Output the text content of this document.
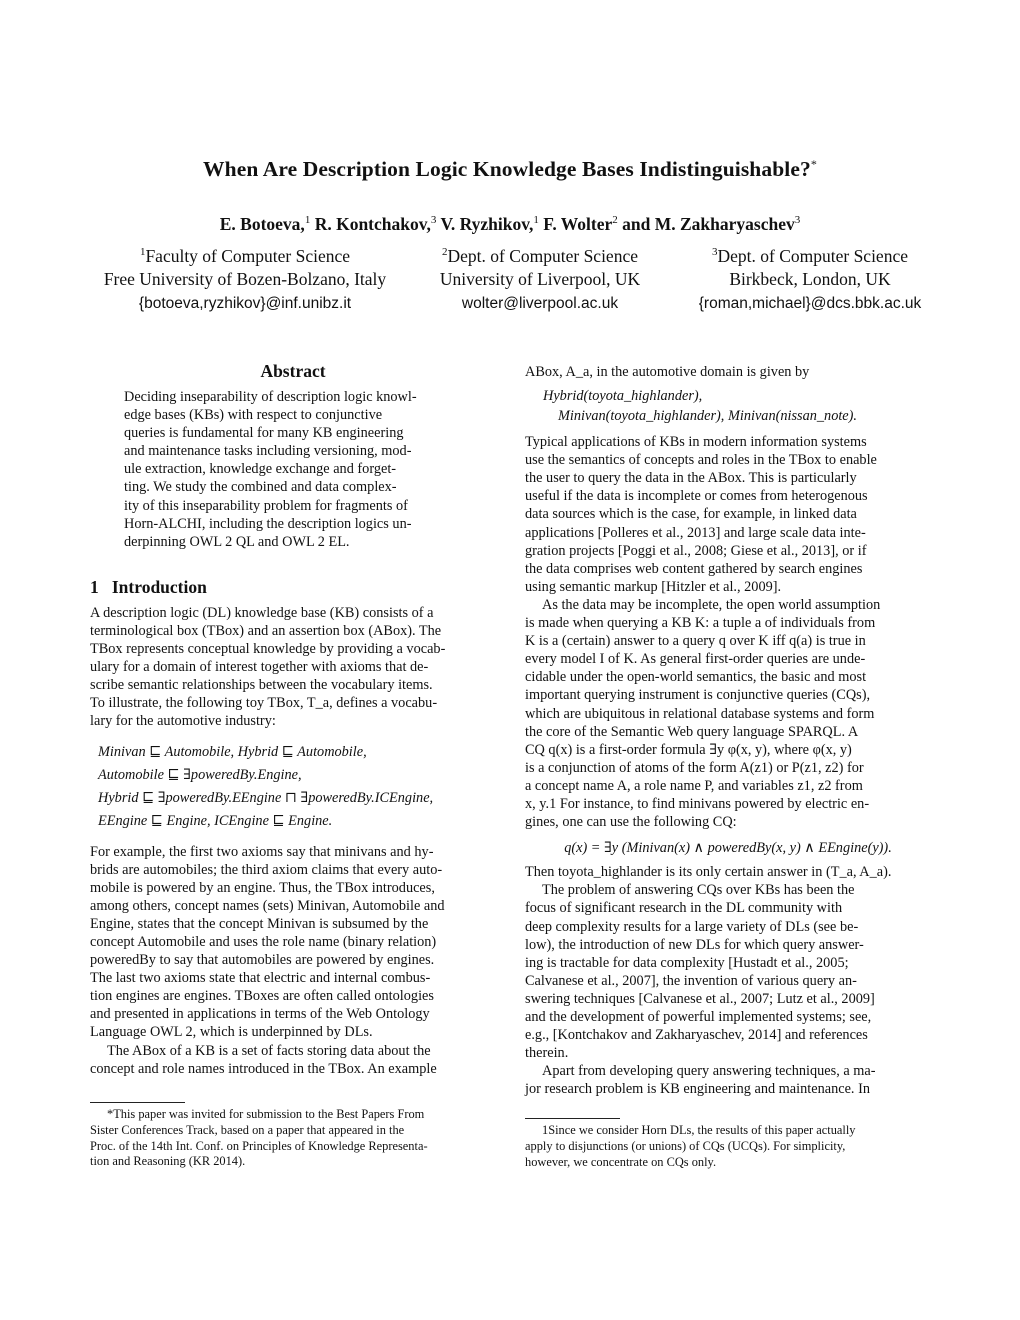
When Are Description Logic Knowledge Bases Indistinguishable?*
E. Botoeva,$^1$ R. Kontchakov,$^3$ V. Ryzhikov,$^1$ F. Wolter$^2$ and M. Zakharyaschev$^3$
$^1$Faculty of Computer Science
Free University of Bozen-Bolzano, Italy
{botoeva,ryzhikov}@inf.unibz.it
$^2$Dept. of Computer Science
University of Liverpool, UK
wolter@liverpool.ac.uk
$^3$Dept. of Computer Science
Birkbeck, London, UK
{roman,michael}@dcs.bbk.ac.uk
Abstract

Deciding inseparability of description logic knowl-

edge bases (KBs) with respect to conjunctive

queries is fundamental for many KB engineering

and maintenance tasks including versioning, mod-

ule extraction, knowledge exchange and forget-

ting. We study the combined and data complex-

ity of this inseparability problem for fragments of

Horn-ALCHI, including the description logics un-

derpinning OWL 2 QL and OWL 2 EL.

1 Introduction

A description logic (DL) knowledge base (KB) consists of a

terminological box (TBox) and an assertion box (ABox). The

TBox represents conceptual knowledge by providing a vocab-

ulary for a domain of interest together with axioms that de-

scribe semantic relationships between the vocabulary items.

To illustrate, the following toy TBox, T_a, defines a vocabu-

lary for the automotive industry:

Minivan ⊑ Automobile, Hybrid ⊑ Automobile,
Automobile ⊑ ∃poweredBy.Engine,
Hybrid ⊑ ∃poweredBy.EEngine ⊓ ∃poweredBy.ICEngine,
EEngine ⊑ Engine, ICEngine ⊑ Engine.

For example, the first two axioms say that minivans and hy-

brids are automobiles; the third axiom claims that every auto-

mobile is powered by an engine. Thus, the TBox introduces,

among others, concept names (sets) Minivan, Automobile and

Engine, states that the concept Minivan is subsumed by the

concept Automobile and uses the role name (binary relation)

poweredBy to say that automobiles are powered by engines.

The last two axioms state that electric and internal combus-

tion engines are engines. TBoxes are often called ontologies

and presented in applications in terms of the Web Ontology

Language OWL 2, which is underpinned by DLs.

The ABox of a KB is a set of facts storing data about the

concept and role names introduced in the TBox. An example

*This paper was invited for submission to the Best Papers From

Sister Conferences Track, based on a paper that appeared in the

Proc. of the 14th Int. Conf. on Principles of Knowledge Representa-

tion and Reasoning (KR 2014).

ABox, A_a, in the automotive domain is given by

Hybrid(toyota_highlander),
Minivan(toyota_highlander), Minivan(nissan_note).

Typical applications of KBs in modern information systems

use the semantics of concepts and roles in the TBox to enable

the user to query the data in the ABox. This is particularly

useful if the data is incomplete or comes from heterogenous

data sources which is the case, for example, in linked data

applications [Polleres et al., 2013] and large scale data inte-

gration projects [Poggi et al., 2008; Giese et al., 2013], or if

the data comprises web content gathered by search engines

using semantic markup [Hitzler et al., 2009].

As the data may be incomplete, the open world assumption

is made when querying a KB K: a tuple a of individuals from

K is a (certain) answer to a query q over K iff q(a) is true in

every model I of K. As general first-order queries are unde-

cidable under the open-world semantics, the basic and most

important querying instrument is conjunctive queries (CQs),

which are ubiquitous in relational database systems and form

the core of the Semantic Web query language SPARQL. A

CQ q(x) is a first-order formula ∃y φ(x, y), where φ(x, y)

is a conjunction of atoms of the form A(z1) or P(z1, z2) for

a concept name A, a role name P, and variables z1, z2 from

x, y.1 For instance, to find minivans powered by electric en-

gines, one can use the following CQ:

q(x) = ∃y (Minivan(x) ∧ poweredBy(x, y) ∧ EEngine(y)).

Then toyota_highlander is its only certain answer in (T_a, A_a).

The problem of answering CQs over KBs has been the

focus of significant research in the DL community with

deep complexity results for a large variety of DLs (see be-

low), the introduction of new DLs for which query answer-

ing is tractable for data complexity [Hustadt et al., 2005;

Calvanese et al., 2007], the invention of various query an-

swering techniques [Calvanese et al., 2007; Lutz et al., 2009]

and the development of powerful implemented systems; see,

e.g., [Kontchakov and Zakharyaschev, 2014] and references

therein.

Apart from developing query answering techniques, a ma-

jor research problem is KB engineering and maintenance. In

1Since we consider Horn DLs, the results of this paper actually

apply to disjunctions (or unions) of CQs (UCQs). For simplicity,

however, we concentrate on CQs only.
